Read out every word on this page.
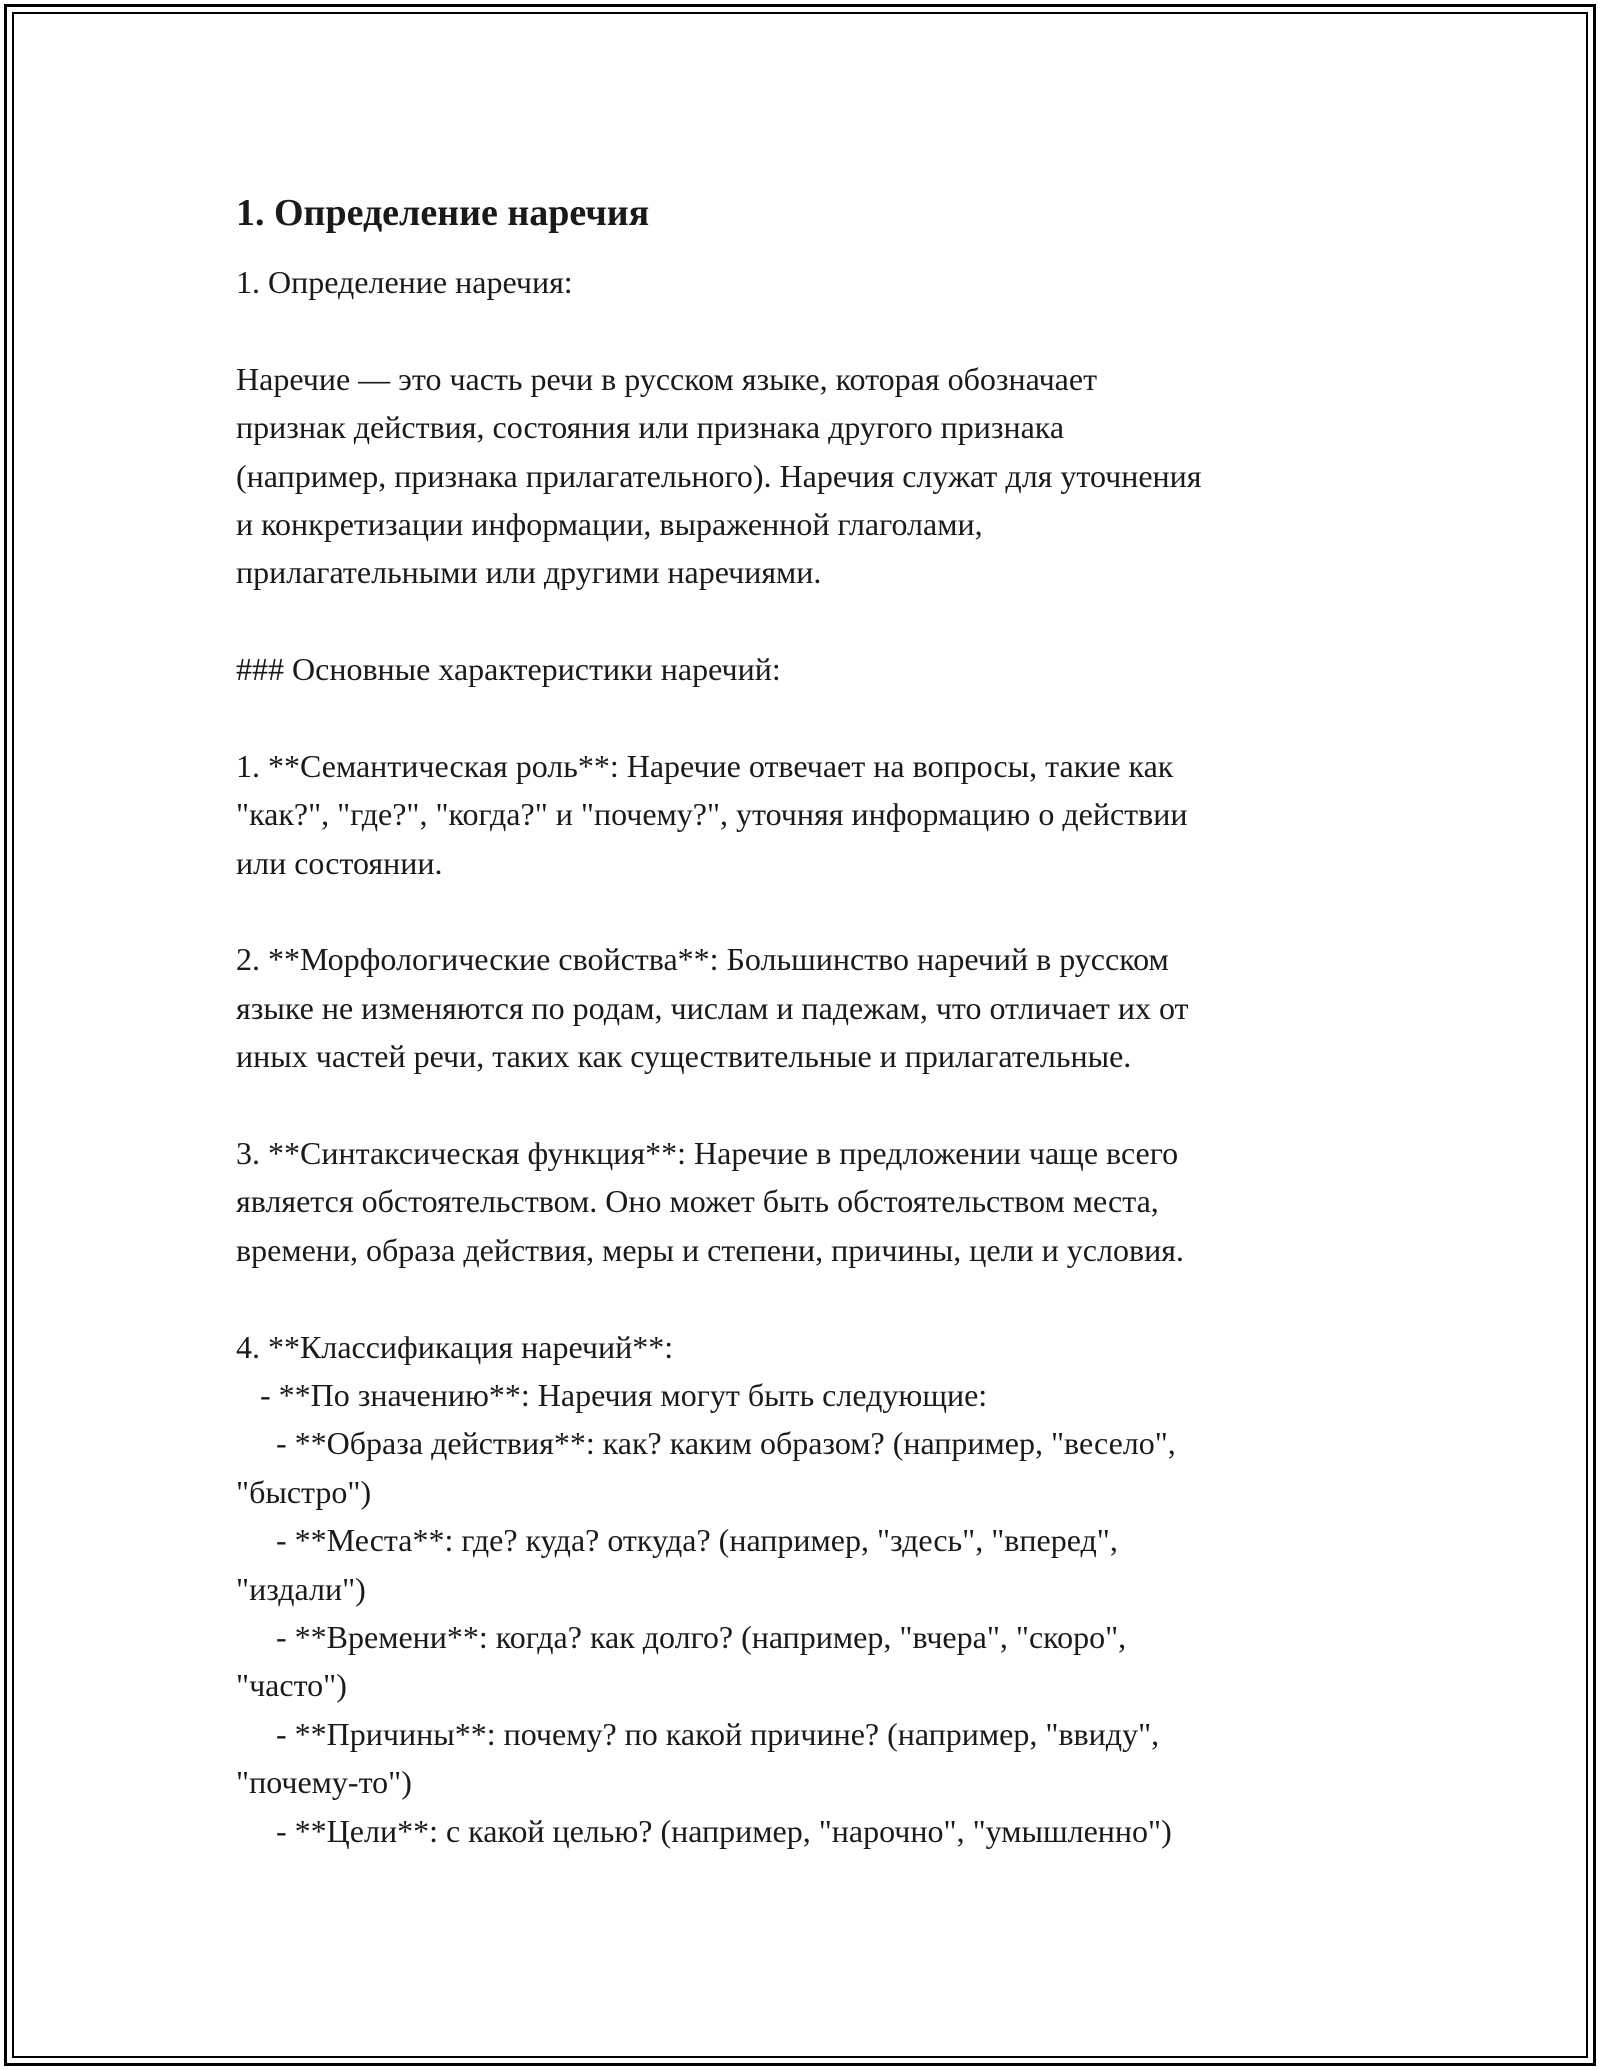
1. Определение наречия
1. Определение наречия:
Наречие — это часть речи в русском языке, которая обозначает
признак действия, состояния или признака другого признака
(например, признака прилагательного). Наречия служат для уточнения
и конкретизации информации, выраженной глаголами,
прилагательными или другими наречиями.
### Основные характеристики наречий:
1. **Семантическая роль**: Наречие отвечает на вопросы, такие как
"как?", "где?", "когда?" и "почему?", уточняя информацию о действии
или состоянии.
2. **Морфологические свойства**: Большинство наречий в русском
языке не изменяются по родам, числам и падежам, что отличает их от
иных частей речи, таких как существительные и прилагательные.
3. **Синтаксическая функция**: Наречие в предложении чаще всего
является обстоятельством. Оно может быть обстоятельством места,
времени, образа действия, меры и степени, причины, цели и условия.
4. **Классификация наречий**:
- **По значению**: Наречия могут быть следующие:
- **Образа действия**: как? каким образом? (например, "весело",
"быстро")
- **Места**: где? куда? откуда? (например, "здесь", "вперед",
"издали")
- **Времени**: когда? как долго? (например, "вчера", "скоро",
"часто")
- **Причины**: почему? по какой причине? (например, "ввиду",
"почему-то")
- **Цели**: с какой целью? (например, "нарочно", "умышленно")
